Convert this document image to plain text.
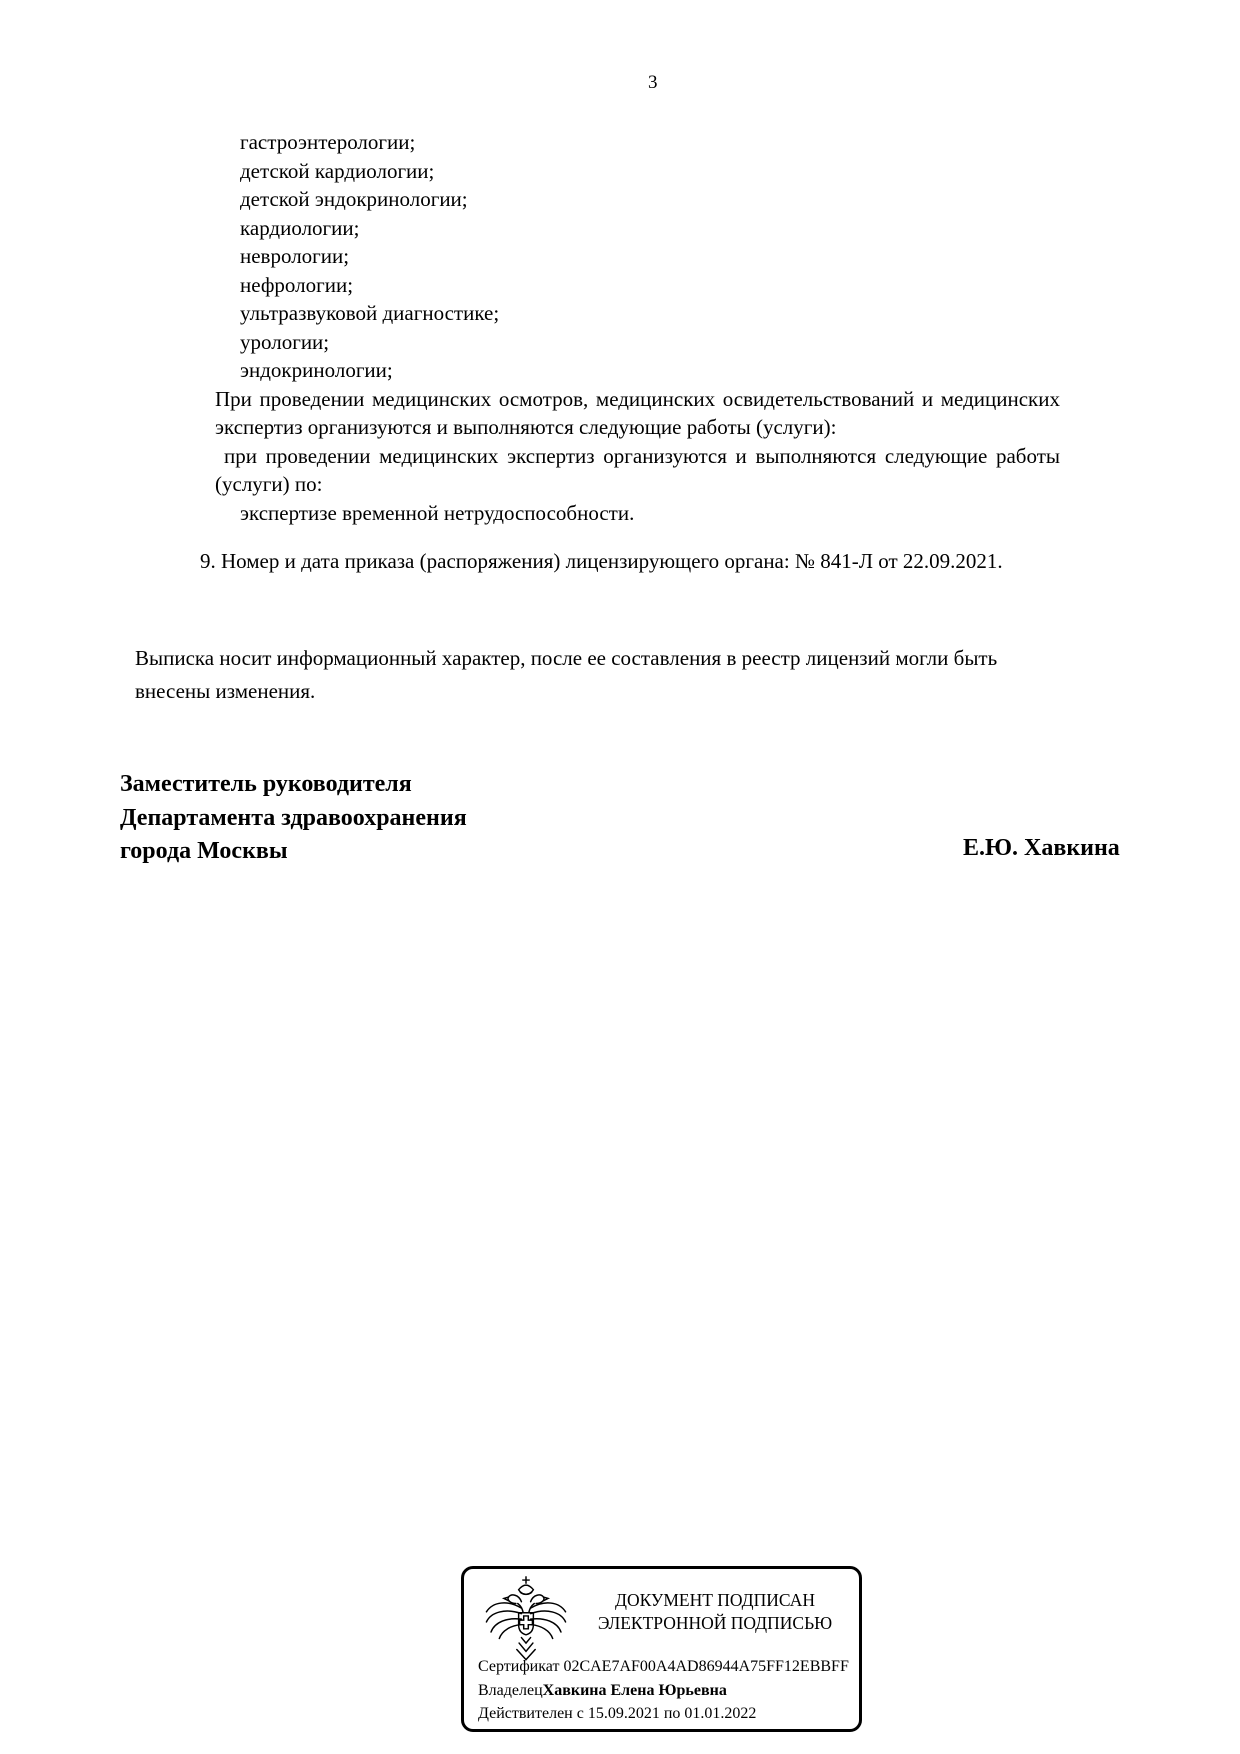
3
гастроэнтерологии;
детской кардиологии;
детской эндокринологии;
кардиологии;
неврологии;
нефрологии;
ультразвуковой диагностике;
урологии;
эндокринологии;

При проведении медицинских осмотров, медицинских освидетельствований и медицинских экспертиз организуются и выполняются следующие работы (услуги):

при проведении медицинских экспертиз организуются и выполняются следующие работы (услуги) по:

экспертизе временной нетрудоспособности.

9. Номер и дата приказа (распоряжения) лицензирующего органа: № 841-Л от 22.09.2021.
Выписка носит информационный характер, после ее составления в реестр лицензий могли быть внесены изменения.
Заместитель руководителя
Департамента здравоохранения
города Москвы	Е.Ю. Хавкина
ДОКУМЕНТ ПОДПИСАН
ЭЛЕКТРОННОЙ ПОДПИСЬЮ
Сертификат 02CAE7AF00A4AD86944A75FF12EBBFF
ВладелецХавкина Елена Юрьевна
Действителен с 15.09.2021 по 01.01.2022
